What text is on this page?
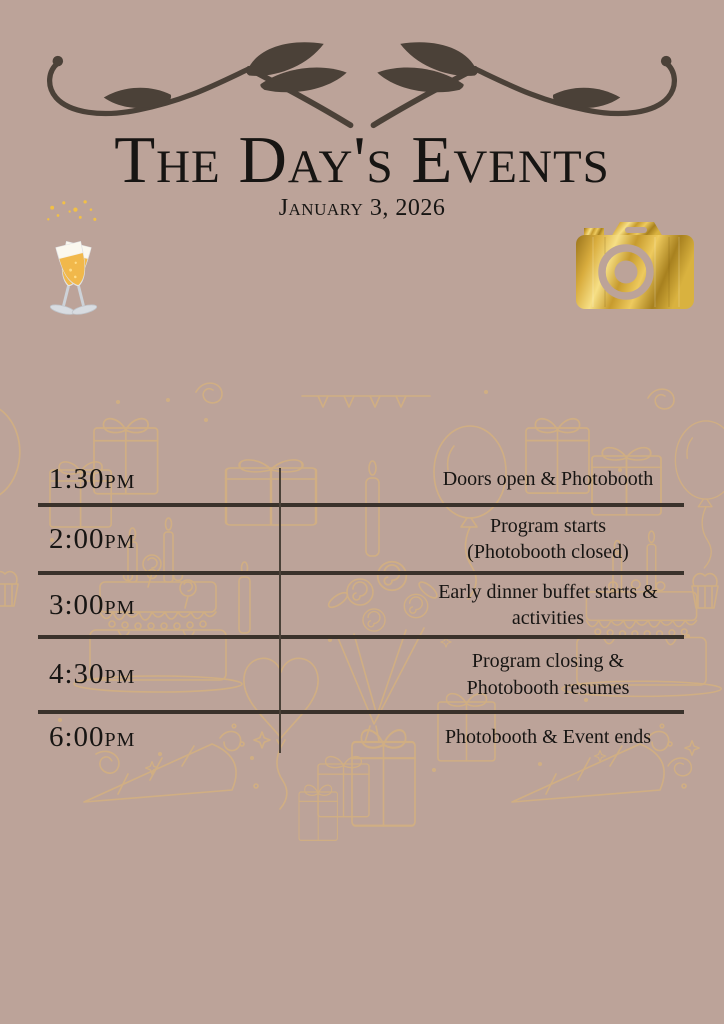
The Day's Events
January 3, 2026
1:30pm	Doors open & Photobooth
2:00pm	Program starts
(Photobooth closed)
3:00pm	Early dinner buffet starts &
activities
4:30pm	Program closing &
Photobooth resumes
6:00pm	Photobooth & Event ends
